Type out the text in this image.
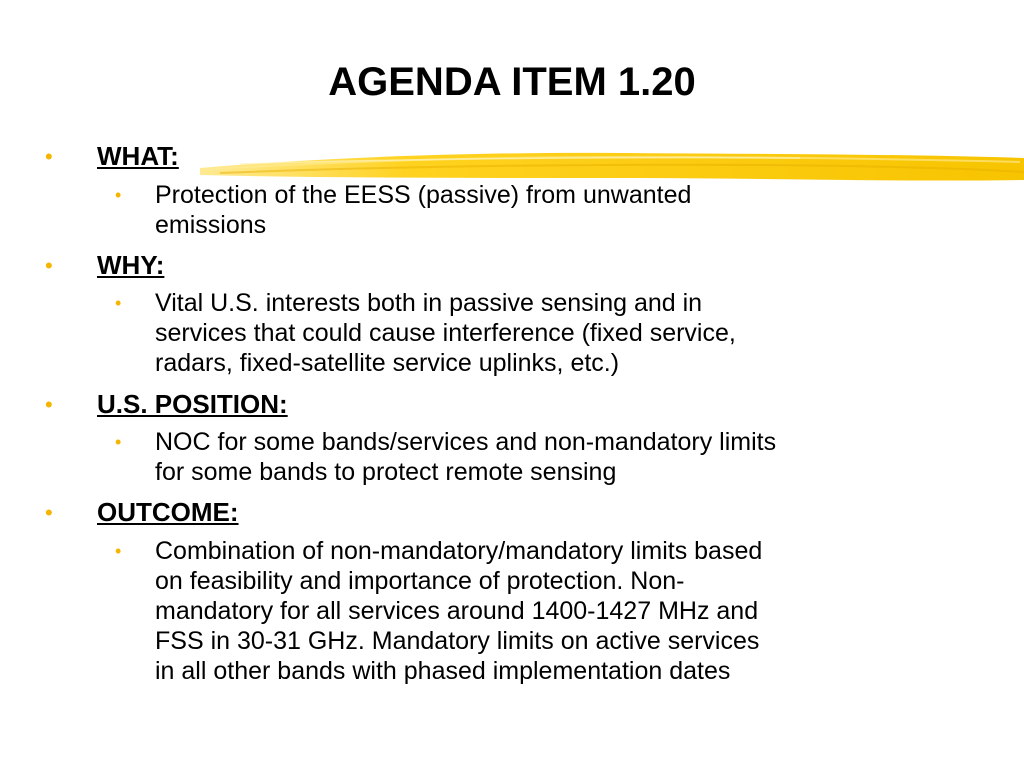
AGENDA ITEM 1.20
• WHAT:
• Protection of the EESS (passive) from unwanted
emissions
• WHY:
• Vital U.S. interests both in passive sensing and in
services that could cause interference (fixed service,
radars, fixed-satellite service uplinks, etc.)
• U.S. POSITION:
• NOC for some bands/services and non-mandatory limits
for some bands to protect remote sensing
• OUTCOME:
• Combination of non-mandatory/mandatory limits based
on feasibility and importance of protection. Non-
mandatory for all services around 1400-1427 MHz and
FSS in 30-31 GHz. Mandatory limits on active services
in all other bands with phased implementation dates
